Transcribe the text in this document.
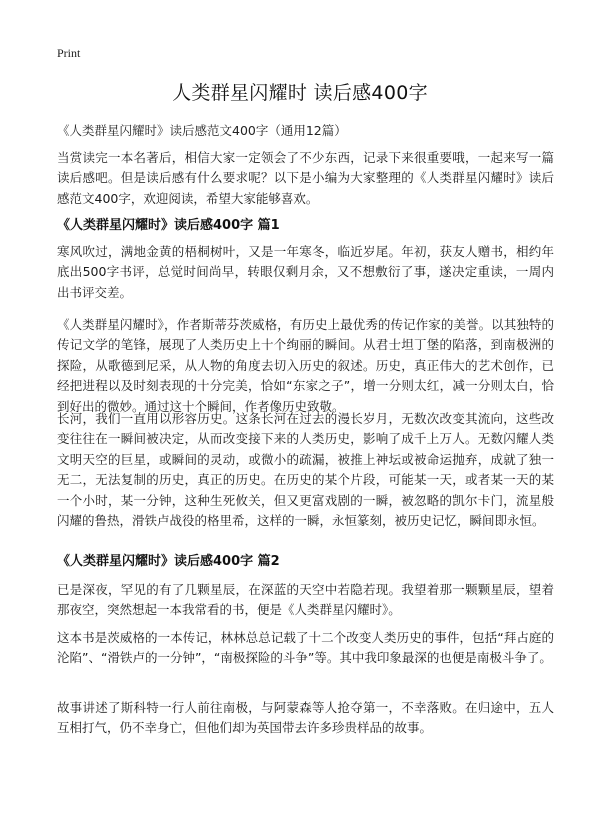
Print
人类群星闪耀时 读后感400字
《人类群星闪耀时》读后感范文400字（通用12篇）

当赏读完一本名著后，相信大家一定领会了不少东西，记录下来很重要哦，一起来写一篇读后感吧。但是读后感有什么要求呢？以下是小编为大家整理的《人类群星闪耀时》读后感范文400字，欢迎阅读，希望大家能够喜欢。

《人类群星闪耀时》读后感400字 篇1

寒风吹过，满地金黄的梧桐树叶，又是一年寒冬，临近岁尾。年初，获友人赠书，相约年底出500字书评，总觉时间尚早，转眼仅剩月余，又不想敷衍了事，遂决定重读，一周内出书评交差。

《人类群星闪耀时》，作者斯蒂芬茨威格，有历史上最优秀的传记作家的美誉。以其独特的传记文学的笔锋，展现了人类历史上十个绚丽的瞬间。从君士坦丁堡的陷落，到南极洲的探险，从歌德到尼采，从人物的角度去切入历史的叙述。历史，真正伟大的艺术创作，已经把进程以及时刻表现的十分完美，恰如“东家之子”，增一分则太红，减一分则太白，恰到好出的微妙。通过这十个瞬间，作者像历史致敬。

长河，我们一直用以形容历史。这条长河在过去的漫长岁月，无数次改变其流向，这些改变往往在一瞬间被决定，从而改变接下来的人类历史，影响了成千上万人。无数闪耀人类文明天空的巨星，或瞬间的灵动，或微小的疏漏，被推上神坛或被命运抛弃，成就了独一无二，无法复制的历史，真正的历史。在历史的某个片段，可能某一天，或者某一天的某一个小时，某一分钟，这种生死攸关，但又更富戏剧的一瞬，被忽略的凯尔卡门，流星般闪耀的鲁热，滑铁卢战役的格里希，这样的一瞬，永恒篆刻，被历史记忆，瞬间即永恒。

《人类群星闪耀时》读后感400字 篇2

已是深夜，罕见的有了几颗星辰，在深蓝的天空中若隐若现。我望着那一颗颗星辰，望着那夜空，突然想起一本我常看的书，便是《人类群星闪耀时》。

这本书是茨威格的一本传记，林林总总记载了十二个改变人类历史的事件，包括“拜占庭的沦陷”、“滑铁卢的一分钟”，“南极探险的斗争”等。其中我印象最深的也便是南极斗争了。

故事讲述了斯科特一行人前往南极，与阿蒙森等人抢夺第一，不幸落败。在归途中，五人互相打气，仍不幸身亡，但他们却为英国带去许多珍贵样品的故事。
